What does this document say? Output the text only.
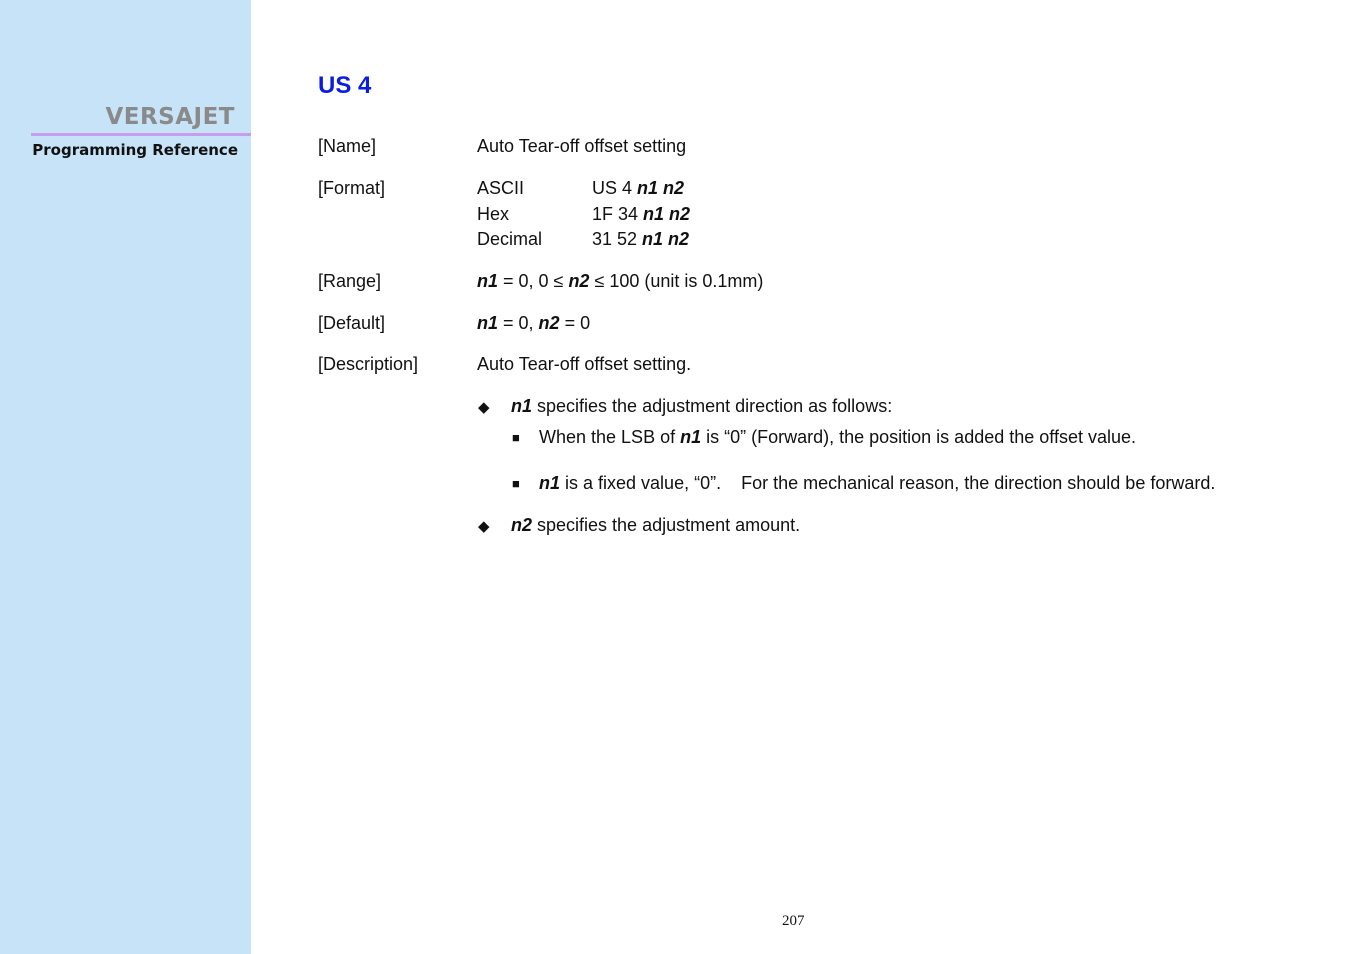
VERSAJET
Programming Reference
US 4
[Name]	Auto Tear-off offset setting
[Format]	ASCII	US 4 n1 n2
Hex	1F 34 n1 n2
Decimal	31 52 n1 n2
[Range]	n1 = 0, 0 ≤ n2 ≤ 100 (unit is 0.1mm)
[Default]	n1 = 0, n2 = 0
[Description]	Auto Tear-off offset setting.
◆ n1 specifies the adjustment direction as follows:
■ When the LSB of n1 is “0” (Forward), the position is added the offset value.
■ n1 is a fixed value, “0”.    For the mechanical reason, the direction should be forward.
◆ n2 specifies the adjustment amount.
207
